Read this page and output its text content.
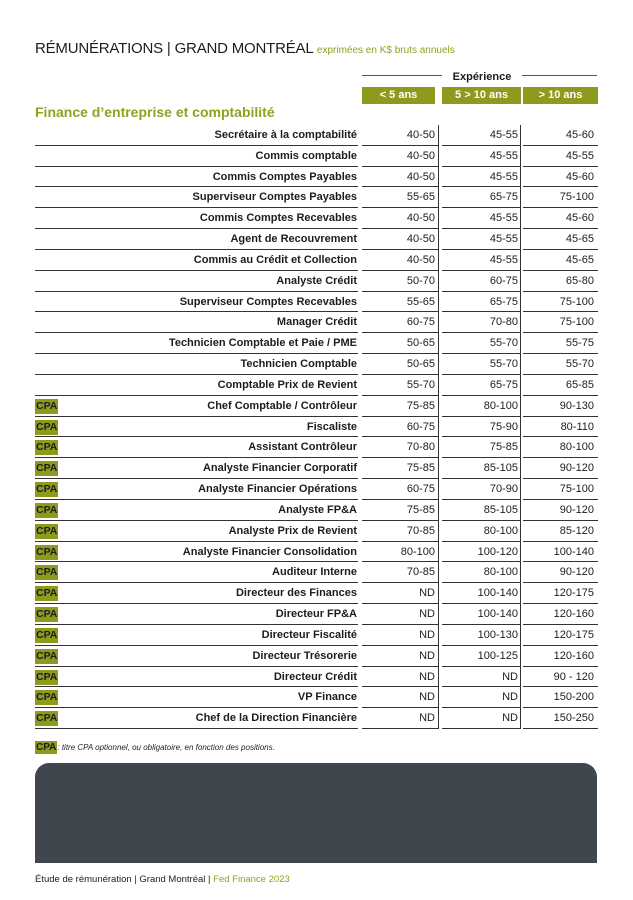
RÉMUNÉRATIONS | GRAND MONTRÉAL exprimées en K$ bruts annuels
Expérience
< 5 ans	5 > 10 ans	> 10 ans
Finance d’entreprise et comptabilité
Secrétaire à la comptabilité	40-50	45-55	45-60
Commis comptable	40-50	45-55	45-55
Commis Comptes Payables	40-50	45-55	45-60
Superviseur Comptes Payables	55-65	65-75	75-100
Commis Comptes Recevables	40-50	45-55	45-60
Agent de Recouvrement	40-50	45-55	45-65
Commis au Crédit et Collection	40-50	45-55	45-65
Analyste Crédit	50-70	60-75	65-80
Superviseur Comptes Recevables	55-65	65-75	75-100
Manager Crédit	60-75	70-80	75-100
Technicien Comptable et Paie / PME	50-65	55-70	55-75
Technicien Comptable	50-65	55-70	55-70
Comptable Prix de Revient	55-70	65-75	65-85
CPA	Chef Comptable / Contrôleur	75-85	80-100	90-130
CPA	Fiscaliste	60-75	75-90	80-110
CPA	Assistant Contrôleur	70-80	75-85	80-100
CPA	Analyste Financier Corporatif	75-85	85-105	90-120
CPA	Analyste Financier Opérations	60-75	70-90	75-100
CPA	Analyste FP&A	75-85	85-105	90-120
CPA	Analyste Prix de Revient	70-85	80-100	85-120
CPA	Analyste Financier Consolidation	80-100	100-120	100-140
CPA	Auditeur Interne	70-85	80-100	90-120
CPA	Directeur des Finances	ND	100-140	120-175
CPA	Directeur FP&A	ND	100-140	120-160
CPA	Directeur Fiscalité	ND	100-130	120-175
CPA	Directeur Trésorerie	ND	100-125	120-160
CPA	Directeur Crédit	ND	ND	90 - 120
CPA	VP Finance	ND	ND	150-200
CPA	Chef de la Direction Financière	ND	ND	150-250
CPA: titre CPA optionnel, ou obligatoire, en fonction des positions.
Étude de rémunération | Grand Montréal | Fed Finance 2023
